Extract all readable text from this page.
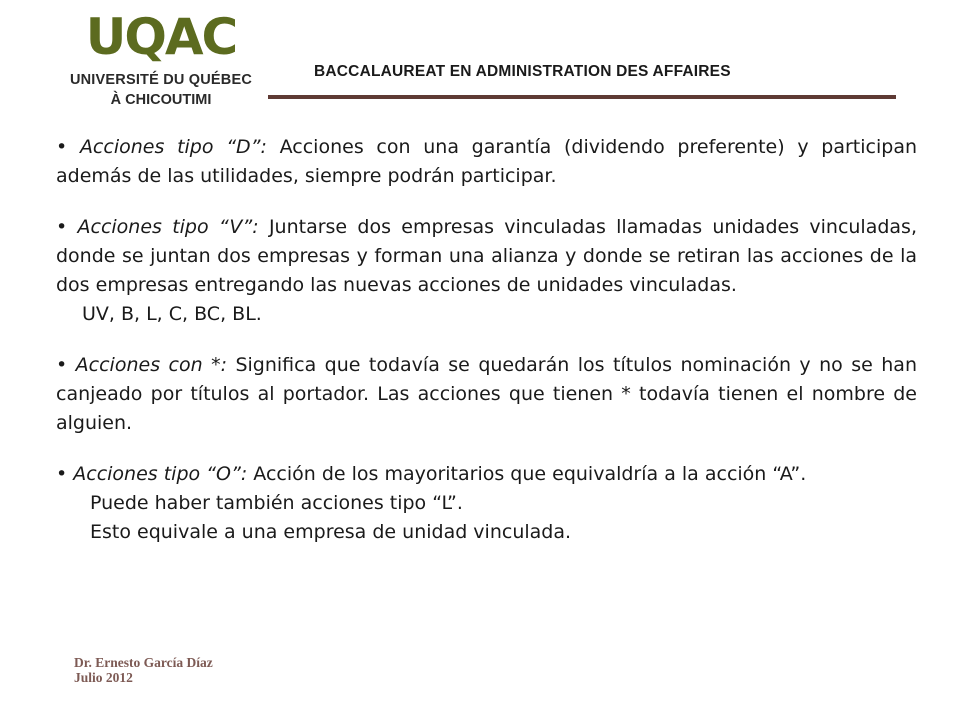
UQAC
UNIVERSITÉ DU QUÉBEC
À CHICOUTIMI
BACCALAUREAT EN ADMINISTRATION DES AFFAIRES
• Acciones tipo “D”: Acciones con una garantía (dividendo preferente) y participan además de las utilidades, siempre podrán participar.
• Acciones tipo “V”: Juntarse dos empresas vinculadas llamadas unidades vinculadas, donde se juntan dos empresas y forman una alianza y donde se retiran las acciones de la dos empresas entregando las nuevas acciones de unidades vinculadas.
UV, B, L, C, BC, BL.
• Acciones con *: Significa que todavía se quedarán los títulos nominación y no se han canjeado por títulos al portador. Las acciones que tienen * todavía tienen el nombre de alguien.
• Acciones tipo “O”: Acción de los mayoritarios que equivaldría a la acción “A”.
Puede haber también acciones tipo “L”.
Esto equivale a una empresa de unidad vinculada.
Dr. Ernesto García Díaz
Julio 2012
